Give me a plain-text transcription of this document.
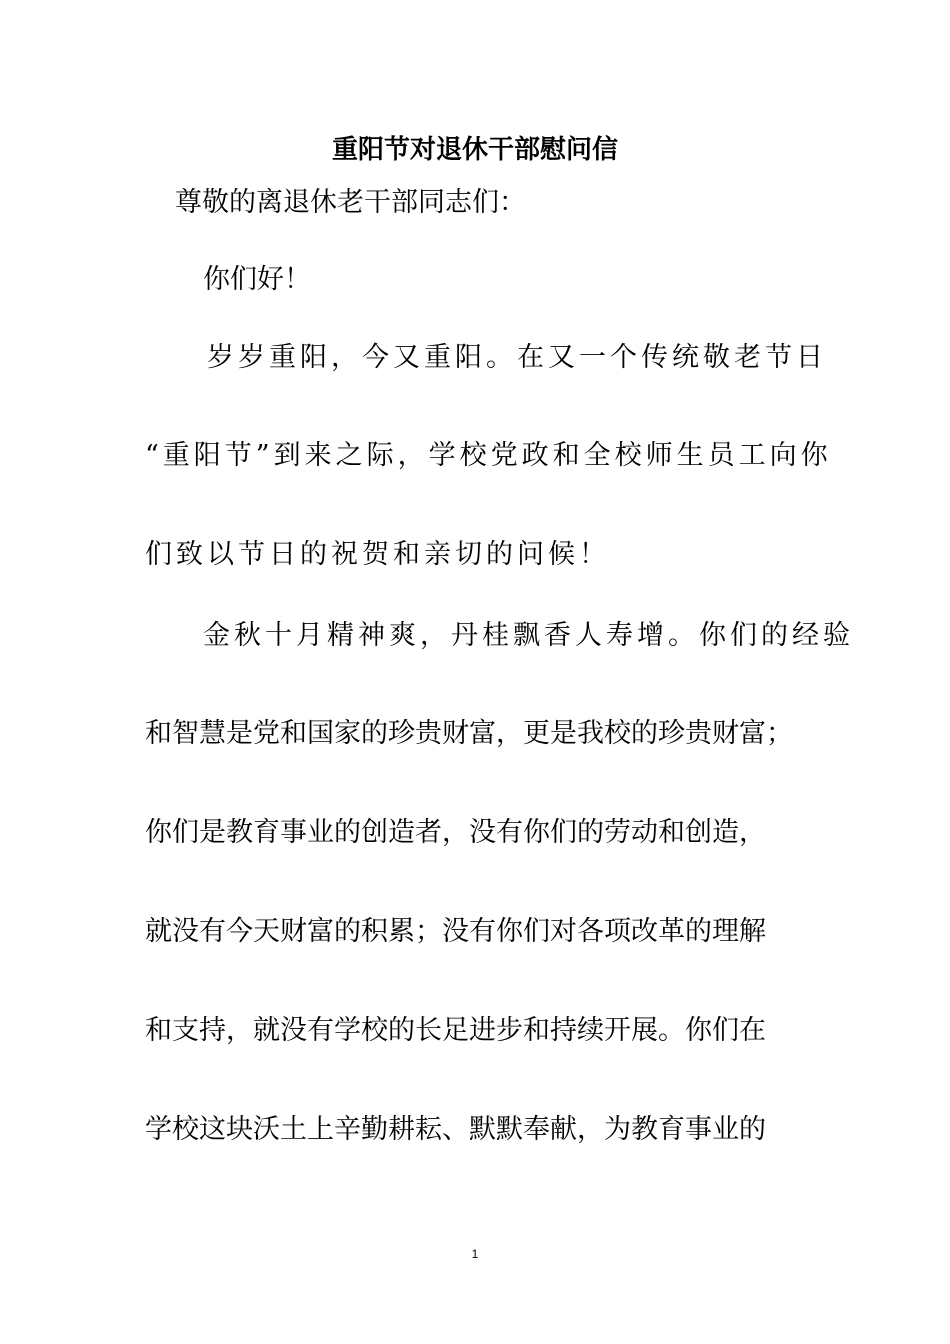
重阳节对退休干部慰问信

尊敬的离退休老干部同志们：

你们好！

岁岁重阳，今又重阳。在又一个传统敬老节日

“重阳节”到来之际，学校党政和全校师生员工向你

们致以节日的祝贺和亲切的问候！

金秋十月精神爽，丹桂飘香人寿增。你们的经验

和智慧是党和国家的珍贵财富，更是我校的珍贵财富；

你们是教育事业的创造者，没有你们的劳动和创造，

就没有今天财富的积累；没有你们对各项改革的理解

和支持，就没有学校的长足进步和持续开展。你们在

学校这块沃土上辛勤耕耘、默默奉献，为教育事业的

1
